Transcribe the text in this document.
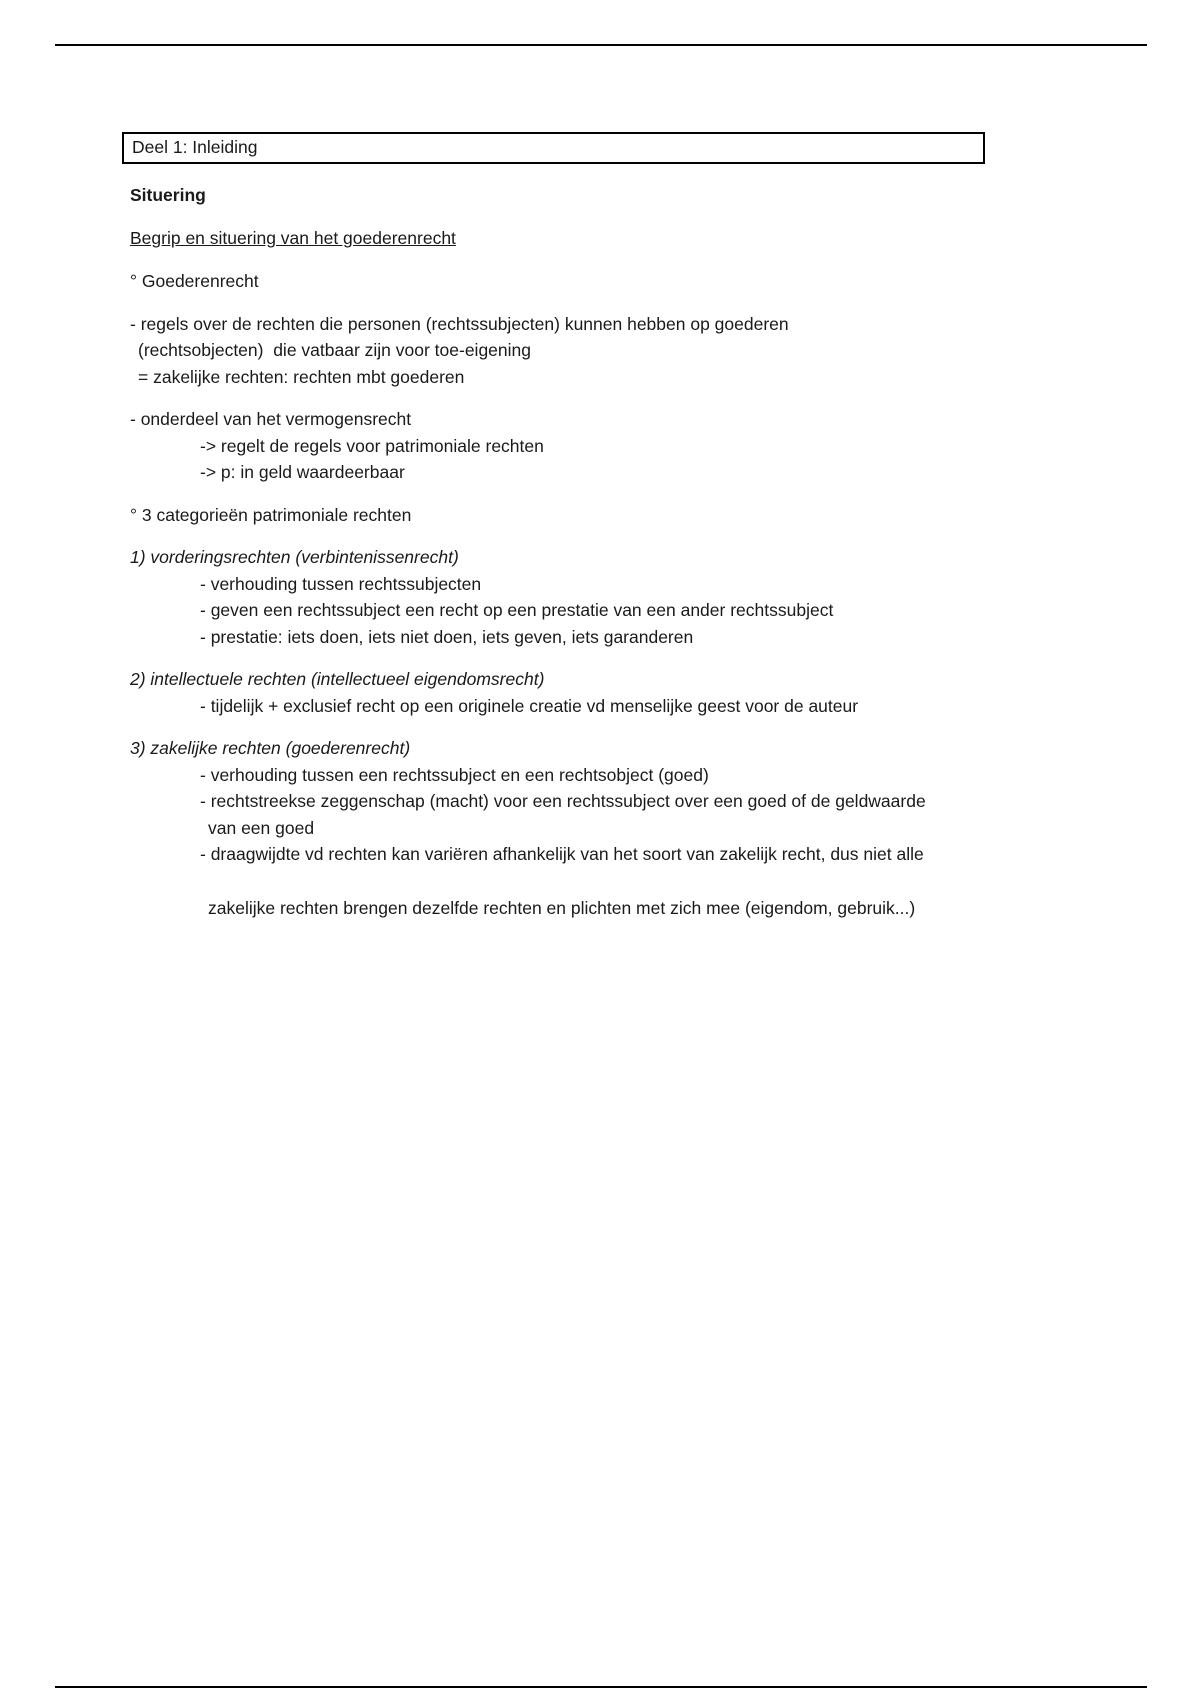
Deel 1: Inleiding
Situering
Begrip en situering van het goederenrecht
° Goederenrecht
- regels over de rechten die personen (rechtssubjecten) kunnen hebben op goederen
(rechtsobjecten)  die vatbaar zijn voor toe-eigening
= zakelijke rechten: rechten mbt goederen
- onderdeel van het vermogensrecht
-> regelt de regels voor patrimoniale rechten
-> p: in geld waardeerbaar
° 3 categorieën patrimoniale rechten
1) vorderingsrechten (verbintenissenrecht)
- verhouding tussen rechtssubjecten
- geven een rechtssubject een recht op een prestatie van een ander rechtssubject
- prestatie: iets doen, iets niet doen, iets geven, iets garanderen
2) intellectuele rechten (intellectueel eigendomsrecht)
- tijdelijk + exclusief recht op een originele creatie vd menselijke geest voor de auteur
3) zakelijke rechten (goederenrecht)
- verhouding tussen een rechtssubject en een rechtsobject (goed)
- rechtstreekse zeggenschap (macht) voor een rechtssubject over een goed of de geldwaarde
van een goed
- draagwijdte vd rechten kan variëren afhankelijk van het soort van zakelijk recht, dus niet alle
zakelijke rechten brengen dezelfde rechten en plichten met zich mee (eigendom, gebruik...)
